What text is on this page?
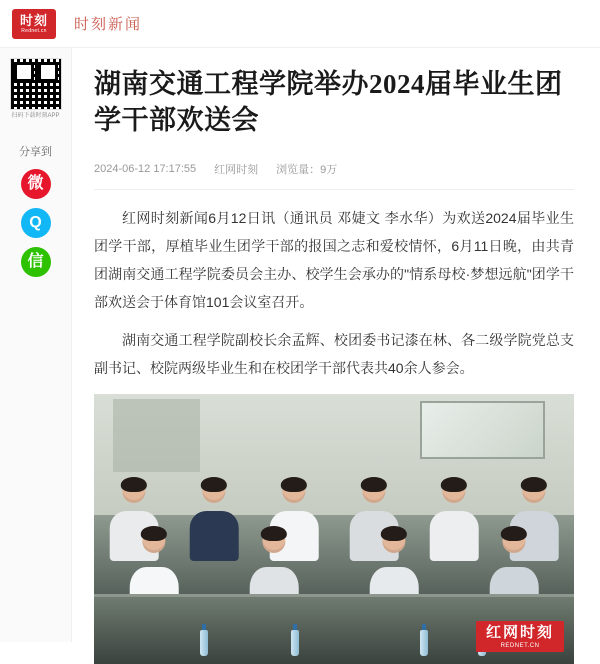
时刻
Rednet.cn 时刻新闻
扫码下载时刻APP
分享到
微
Q
信
湖南交通工程学院举办2024届毕业生团学干部欢送会
2024-06-12 17:17:55 红网时刻 浏览量：9万

红网时刻新闻6月12日讯（通讯员 邓婕文 李水华）为欢送2024届毕业生团学干部，厚植毕业生团学干部的报国之志和爱校情怀，6月11日晚，由共青团湖南交通工程学院委员会主办、校学生会承办的"情系母校·梦想远航"团学干部欢送会于体育馆101会议室召开。

湖南交通工程学院副校长余孟辉、校团委书记漆在林、各二级学院党总支副书记、校院两级毕业生和在校团学干部代表共40余人参会。

红网时刻
REDNET.CN
